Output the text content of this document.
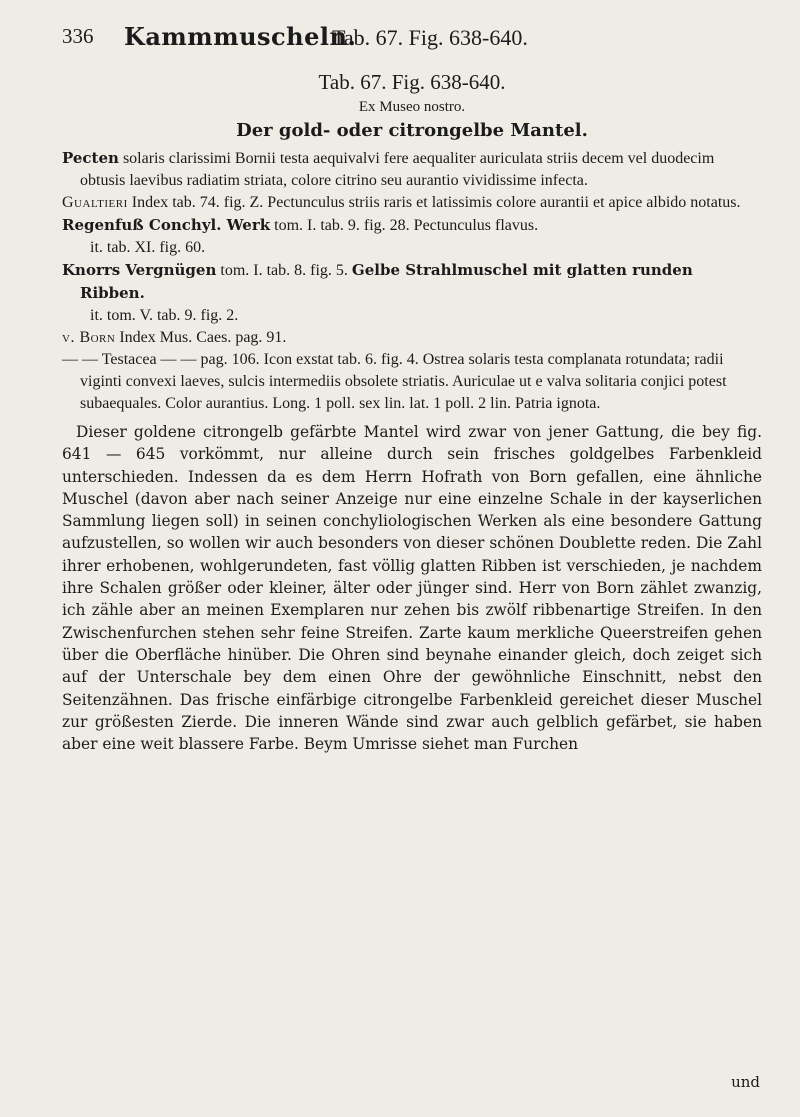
336 Kammmuscheln.
Tab. 67. Fig. 638-640.

Tab. 67. Fig. 638-640.

Ex Museo nostro.

Der gold- oder citrongelbe Mantel.

Pecten solaris clarissimi Bornii testa aequivalvi fere aequaliter auriculata striis decem vel duodecim obtusis laevibus radiatim striata, colore citrino seu aurantio vividissime infecta.

Gualtieri Index tab. 74. fig. Z. Pectunculus striis raris et latissimis colore aurantii et apice albido notatus.

Regenfuß Conchyl. Werk tom. I. tab. 9. fig. 28. Pectunculus flavus.

it. tab. XI. fig. 60.

Knorrs Vergnügen tom. I. tab. 8. fig. 5. Gelbe Strahlmuschel mit glatten runden Ribben.

it. tom. V. tab. 9. fig. 2.

v. Born Index Mus. Caes. pag. 91.

— — Testacea — — pag. 106. Icon exstat tab. 6. fig. 4. Ostrea solaris testa complanata rotundata; radii viginti convexi laeves, sulcis intermediis obsolete striatis. Auriculae ut e valva solitaria conjici potest subaequales. Color aurantius. Long. 1 poll. sex lin. lat. 1 poll. 2 lin. Patria ignota.

Dieser goldene citrongelb gefärbte Mantel wird zwar von jener Gattung, die bey fig. 641 — 645 vorkömmt, nur alleine durch sein frisches goldgelbes Farbenkleid unterschieden. Indessen da es dem Herrn Hofrath von Born gefallen, eine ähnliche Muschel (davon aber nach seiner Anzeige nur eine einzelne Schale in der kayserlichen Sammlung liegen soll) in seinen conchyliologischen Werken als eine besondere Gattung aufzustellen, so wollen wir auch besonders von dieser schönen Doublette reden. Die Zahl ihrer erhobenen, wohlgerundeten, fast völlig glatten Ribben ist verschieden, je nachdem ihre Schalen größer oder kleiner, älter oder jünger sind. Herr von Born zählet zwanzig, ich zähle aber an meinen Exemplaren nur zehen bis zwölf ribbenartige Streifen. In den Zwischenfurchen stehen sehr feine Streifen. Zarte kaum merkliche Queerstreifen gehen über die Oberfläche hinüber. Die Ohren sind beynahe einander gleich, doch zeiget sich auf der Unterschale bey dem einen Ohre der gewöhnliche Einschnitt, nebst den Seitenzähnen. Das frische einfärbige citrongelbe Farbenkleid gereichet dieser Muschel zur größesten Zierde. Die inneren Wände sind zwar auch gelblich gefärbet, sie haben aber eine weit blassere Farbe. Beym Umrisse siehet man Furchen

und
